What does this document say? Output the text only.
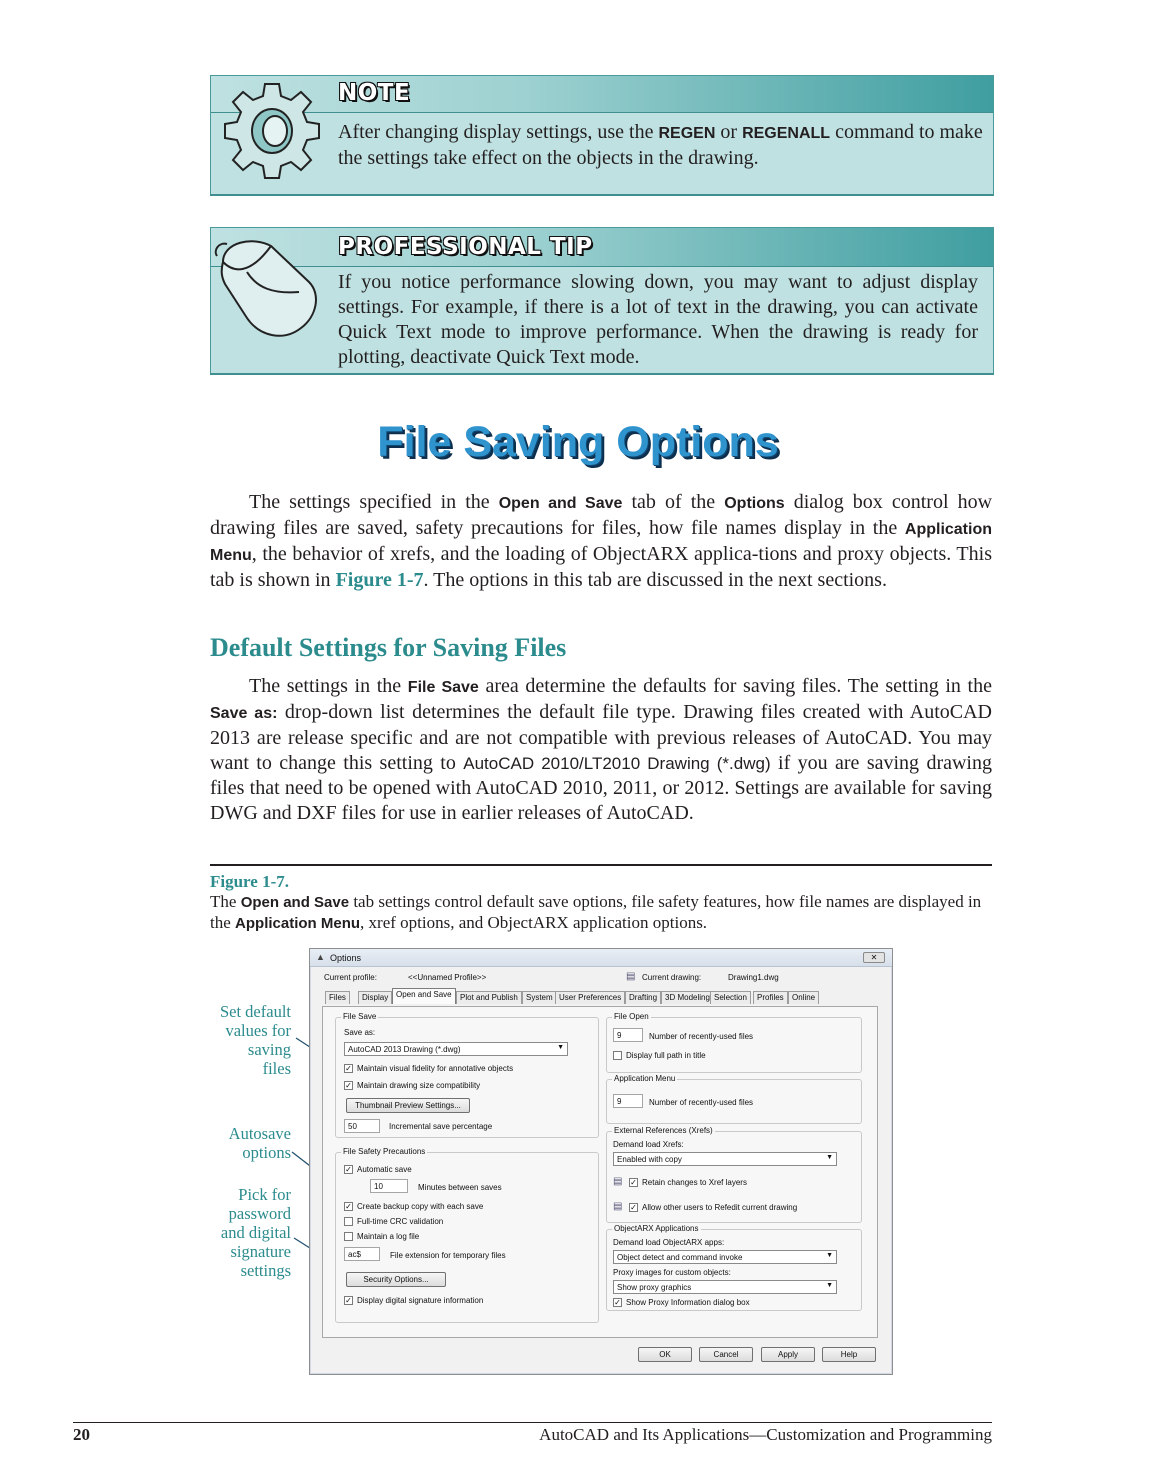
NOTE
After changing display settings, use the REGEN or REGENALL command to make the settings take effect on the objects in the drawing.
PROFESSIONAL TIP
If you notice performance slowing down, you may want to adjust display settings. For example, if there is a lot of text in the drawing, you can activate Quick Text mode to improve performance. When the drawing is ready for plotting, deactivate Quick Text mode.
File Saving Options
The settings specified in the Open and Save tab of the Options dialog box control how drawing files are saved, safety precautions for files, how file names display in the Application Menu, the behavior of xrefs, and the loading of ObjectARX applica-tions and proxy objects. This tab is shown in Figure 1-7. The options in this tab are discussed in the next sections.
Default Settings for Saving Files
The settings in the File Save area determine the defaults for saving files. The setting in the Save as: drop-down list determines the default file type. Drawing files created with AutoCAD 2013 are release specific and are not compatible with previous releases of AutoCAD. You may want to change this setting to AutoCAD 2010/LT2010 Drawing (*.dwg) if you are saving drawing files that need to be opened with AutoCAD 2010, 2011, or 2012. Settings are available for saving DWG and DXF files for use in earlier releases of AutoCAD.
Figure 1-7.
The Open and Save tab settings control default save options, file safety features, how file names are displayed in the Application Menu, xref options, and ObjectARX application options.
Set default
values for
saving
files
Autosave
options
Pick for
password
and digital
signature
settings
▲ Options	✕
Current profile:	<<Unnamed Profile>>	▤ Current drawing:	Drawing1.dwg
Files	Display Open and Save	Plot and Publish	System User Preferences Drafting 3D Modeling Selection	Profiles	Online
File Save
Save as:
AutoCAD 2013 Drawing (*.dwg)	▼
✓ Maintain visual fidelity for annotative objects
✓ Maintain drawing size compatibility
Thumbnail Preview Settings...
50	Incremental save percentage
File Safety Precautions
✓ Automatic save
10	Minutes between saves
✓ Create backup copy with each save
Full-time CRC validation
Maintain a log file
ac$	File extension for temporary files
Security Options...
✓ Display digital signature information
File Open
9	Number of recently-used files
Display full path in title
Application Menu
9	Number of recently-used files
External References (Xrefs)
Demand load Xrefs:
Enabled with copy	▼
▤ ✓ Retain changes to Xref layers
▤ ✓ Allow other users to Refedit current drawing
ObjectARX Applications
Demand load ObjectARX apps:
Object detect and command invoke	▼
Proxy images for custom objects:
Show proxy graphics	▼
✓ Show Proxy Information dialog box
OK	Cancel	Apply	Help
20	AutoCAD and Its Applications—Customization and Programming
